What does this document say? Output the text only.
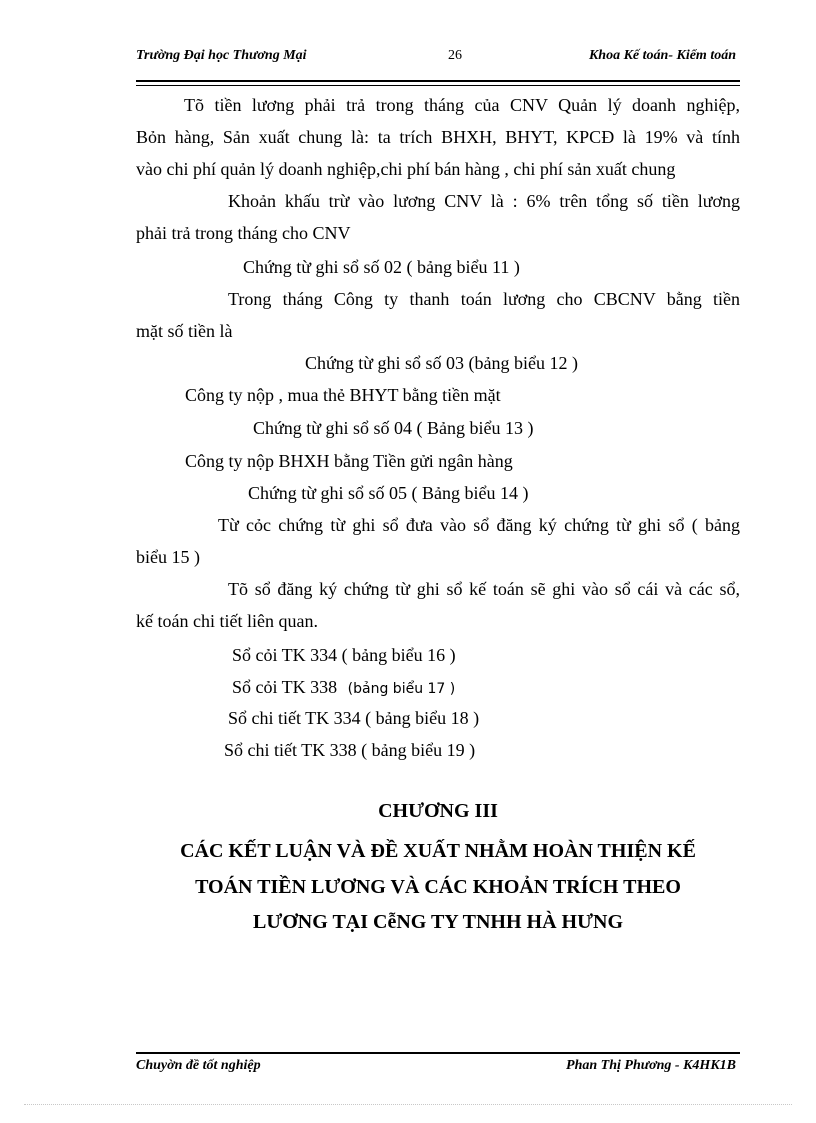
Trường Đại học Thương Mại	26	Khoa Kế toán- Kiểm toán
Tõ tiền lương phải trả trong tháng của CNV Quản lý doanh nghiệp,
Bỏn hàng, Sản xuất chung là: ta trích BHXH, BHYT, KPCĐ là 19% và tính
vào chi phí quản lý doanh nghiệp,chi phí bán hàng , chi phí sản xuất chung
Khoản khấu trừ vào lương CNV là : 6% trên tổng số tiền lương
phải trả trong tháng cho CNV
Chứng từ ghi sổ số 02 ( bảng biểu 11 )
Trong tháng Công ty thanh toán lương cho CBCNV bằng tiền
mặt số tiền là
Chứng từ ghi sổ số 03 (bảng biểu 12 )
Công ty nộp , mua thẻ BHYT bằng tiền mặt
Chứng từ ghi sổ số 04 ( Bảng biểu 13 )
Công ty nộp BHXH bằng Tiền gửi ngân hàng
Chứng từ ghi sổ số 05 ( Bảng biểu 14 )
Từ cỏc chứng từ ghi sổ đưa vào sổ đăng ký chứng từ ghi sổ ( bảng
biểu 15 )
Tõ sổ đăng ký chứng từ ghi sổ kế toán sẽ ghi vào sổ cái và các sổ,
kế toán chi tiết liên quan.
Sổ cỏi TK 334 ( bảng biểu 16 )
Sổ cỏi TK 338 (bảng biểu 17 )
Sổ chi tiết TK 334 ( bảng biểu 18 )
Sổ chi tiết TK 338 ( bảng biểu 19 )
CHƯƠNG III
CÁC KẾT LUẬN VÀ ĐỀ XUẤT NHẰM HOÀN THIỆN KẾ
TOÁN TIỀN LƯƠNG VÀ CÁC KHOẢN TRÍCH THEO
LƯƠNG TẠI CễNG TY TNHH HÀ HƯNG
Chuyờn đề tốt nghiệp	Phan Thị Phương - K4HK1B
